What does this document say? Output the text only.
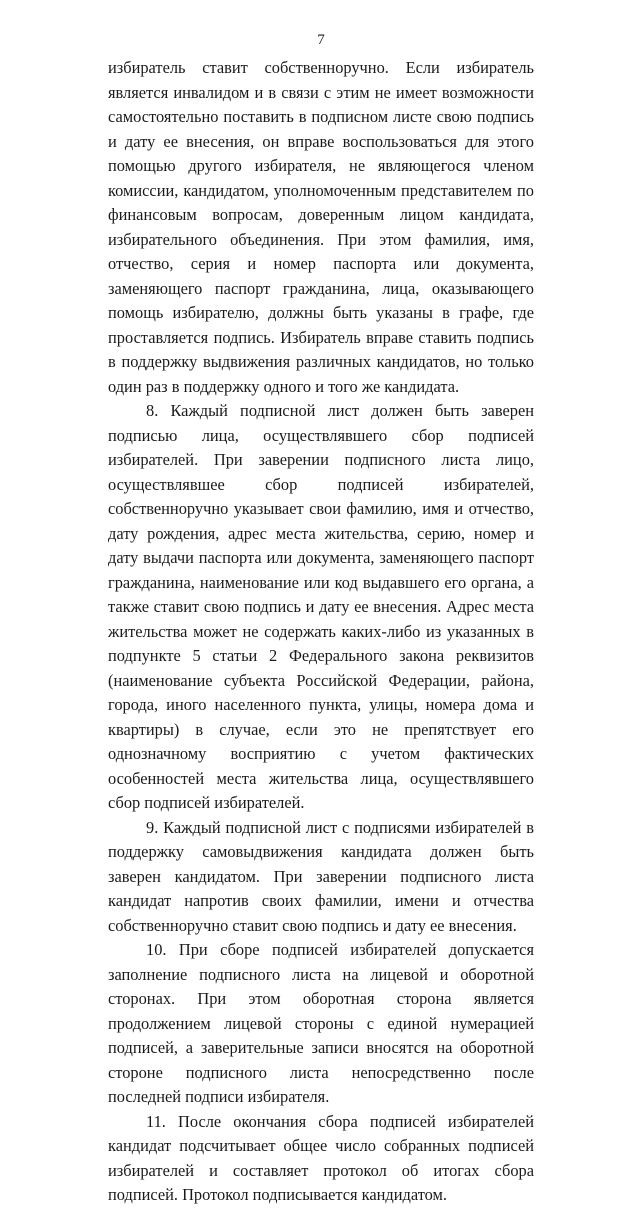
7

избиратель ставит собственноручно. Если избиратель является инвалидом и в связи с этим не имеет возможности самостоятельно поставить в подписном листе свою подпись и дату ее внесения, он вправе воспользоваться для этого помощью другого избирателя, не являющегося членом комиссии, кандидатом, уполномоченным представителем по финансовым вопросам, доверенным лицом кандидата, избирательного объединения. При этом фамилия, имя, отчество, серия и номер паспорта или документа, заменяющего паспорт гражданина, лица, оказывающего помощь избирателю, должны быть указаны в графе, где проставляется подпись. Избиратель вправе ставить подпись в поддержку выдвижения различных кандидатов, но только один раз в поддержку одного и того же кандидата.

8. Каждый подписной лист должен быть заверен подписью лица, осуществлявшего сбор подписей избирателей. При заверении подписного листа лицо, осуществлявшее сбор подписей избирателей, собственноручно указывает свои фамилию, имя и отчество, дату рождения, адрес места жительства, серию, номер и дату выдачи паспорта или документа, заменяющего паспорт гражданина, наименование или код выдавшего его органа, а также ставит свою подпись и дату ее внесения. Адрес места жительства может не содержать каких-либо из указанных в подпункте 5 статьи 2 Федерального закона реквизитов (наименование субъекта Российской Федерации, района, города, иного населенного пункта, улицы, номера дома и квартиры) в случае, если это не препятствует его однозначному восприятию с учетом фактических особенностей места жительства лица, осуществлявшего сбор подписей избирателей.

9. Каждый подписной лист с подписями избирателей в поддержку самовыдвижения кандидата должен быть заверен кандидатом. При заверении подписного листа кандидат напротив своих фамилии, имени и отчества собственноручно ставит свою подпись и дату ее внесения.

10. При сборе подписей избирателей допускается заполнение подписного листа на лицевой и оборотной сторонах. При этом оборотная сторона является продолжением лицевой стороны с единой нумерацией подписей, а заверительные записи вносятся на оборотной стороне подписного листа непосредственно после последней подписи избирателя.

11. После окончания сбора подписей избирателей кандидат подсчитывает общее число собранных подписей избирателей и составляет протокол об итогах сбора подписей. Протокол подписывается кандидатом.
